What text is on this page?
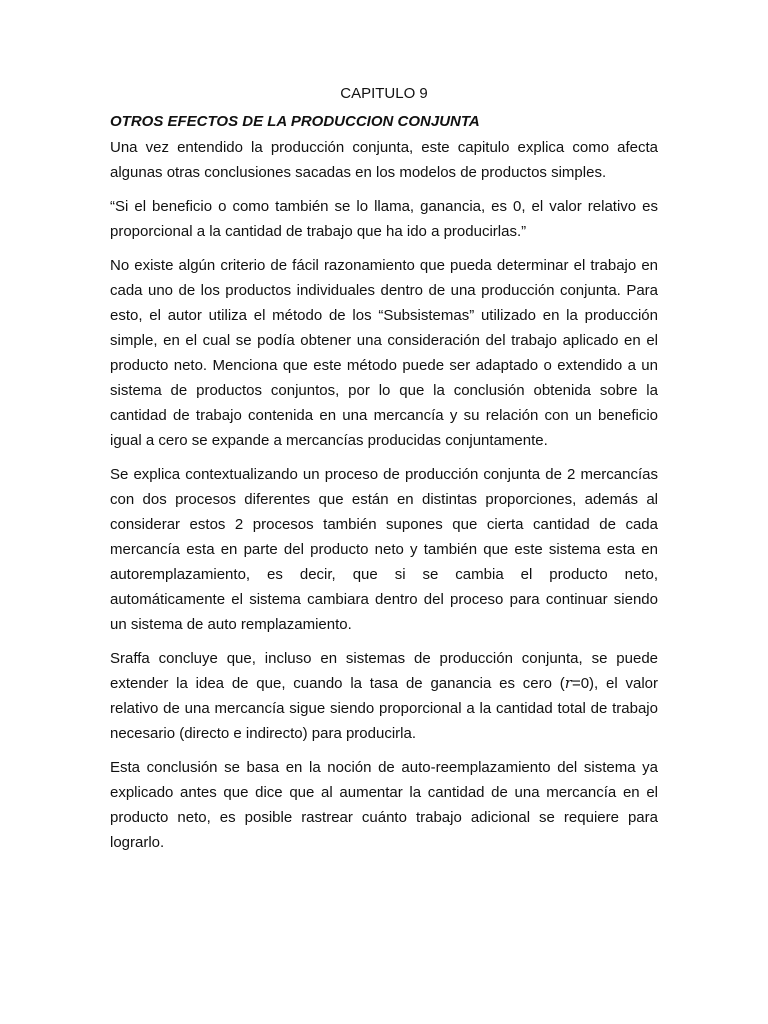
CAPITULO 9
OTROS EFECTOS DE LA PRODUCCION CONJUNTA

Una vez entendido la producción conjunta, este capitulo explica como afecta algunas otras conclusiones sacadas en los modelos de productos simples.

“Si el beneficio o como también se lo llama, ganancia, es 0, el valor relativo es proporcional a la cantidad de trabajo que ha ido a producirlas.”

No existe algún criterio de fácil razonamiento que pueda determinar el trabajo en cada uno de los productos individuales dentro de una producción conjunta. Para esto, el autor utiliza el método de los “Subsistemas” utilizado en la producción simple, en el cual se podía obtener una consideración del trabajo aplicado en el producto neto. Menciona que este método puede ser adaptado o extendido a un sistema de productos conjuntos, por lo que la conclusión obtenida sobre la cantidad de trabajo contenida en una mercancía y su relación con un beneficio igual a cero se expande a mercancías producidas conjuntamente.

Se explica contextualizando un proceso de producción conjunta de 2 mercancías con dos procesos diferentes que están en distintas proporciones, además al considerar estos 2 procesos también supones que cierta cantidad de cada mercancía esta en parte del producto neto y también que este sistema esta en autoremplazamiento, es decir, que si se cambia el producto neto, automáticamente el sistema cambiara dentro del proceso para continuar siendo un sistema de auto remplazamiento.

Sraffa concluye que, incluso en sistemas de producción conjunta, se puede extender la idea de que, cuando la tasa de ganancia es cero (r=0), el valor relativo de una mercancía sigue siendo proporcional a la cantidad total de trabajo necesario (directo e indirecto) para producirla.

Esta conclusión se basa en la noción de auto-reemplazamiento del sistema ya explicado antes que dice que al aumentar la cantidad de una mercancía en el producto neto, es posible rastrear cuánto trabajo adicional se requiere para lograrlo.
